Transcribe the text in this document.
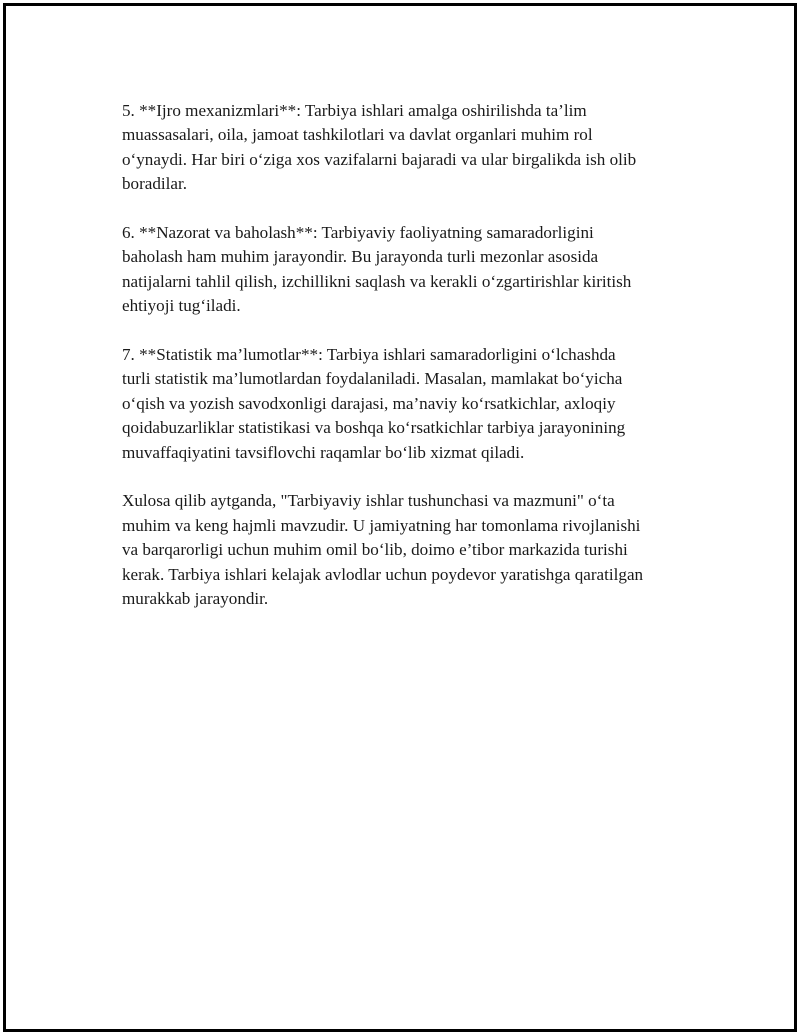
5. **Ijro mexanizmlari**: Tarbiya ishlari amalga oshirilishda ta’lim
muassasalari, oila, jamoat tashkilotlari va davlat organlari muhim rol
o‘ynaydi. Har biri o‘ziga xos vazifalarni bajaradi va ular birgalikda ish olib
boradilar.

6. **Nazorat va baholash**: Tarbiyaviy faoliyatning samaradorligini
baholash ham muhim jarayondir. Bu jarayonda turli mezonlar asosida
natijalarni tahlil qilish, izchillikni saqlash va kerakli o‘zgartirishlar kiritish
ehtiyoji tug‘iladi.

7. **Statistik ma’lumotlar**: Tarbiya ishlari samaradorligini o‘lchashda
turli statistik ma’lumotlardan foydalaniladi. Masalan, mamlakat bo‘yicha
o‘qish va yozish savodxonligi darajasi, ma’naviy ko‘rsatkichlar, axloqiy
qoidabuzarliklar statistikasi va boshqa ko‘rsatkichlar tarbiya jarayonining
muvaffaqiyatini tavsiflovchi raqamlar bo‘lib xizmat qiladi.

Xulosa qilib aytganda, "Tarbiyaviy ishlar tushunchasi va mazmuni" o‘ta
muhim va keng hajmli mavzudir. U jamiyatning har tomonlama rivojlanishi
va barqarorligi uchun muhim omil bo‘lib, doimo e’tibor markazida turishi
kerak. Tarbiya ishlari kelajak avlodlar uchun poydevor yaratishga qaratilgan
murakkab jarayondir.
